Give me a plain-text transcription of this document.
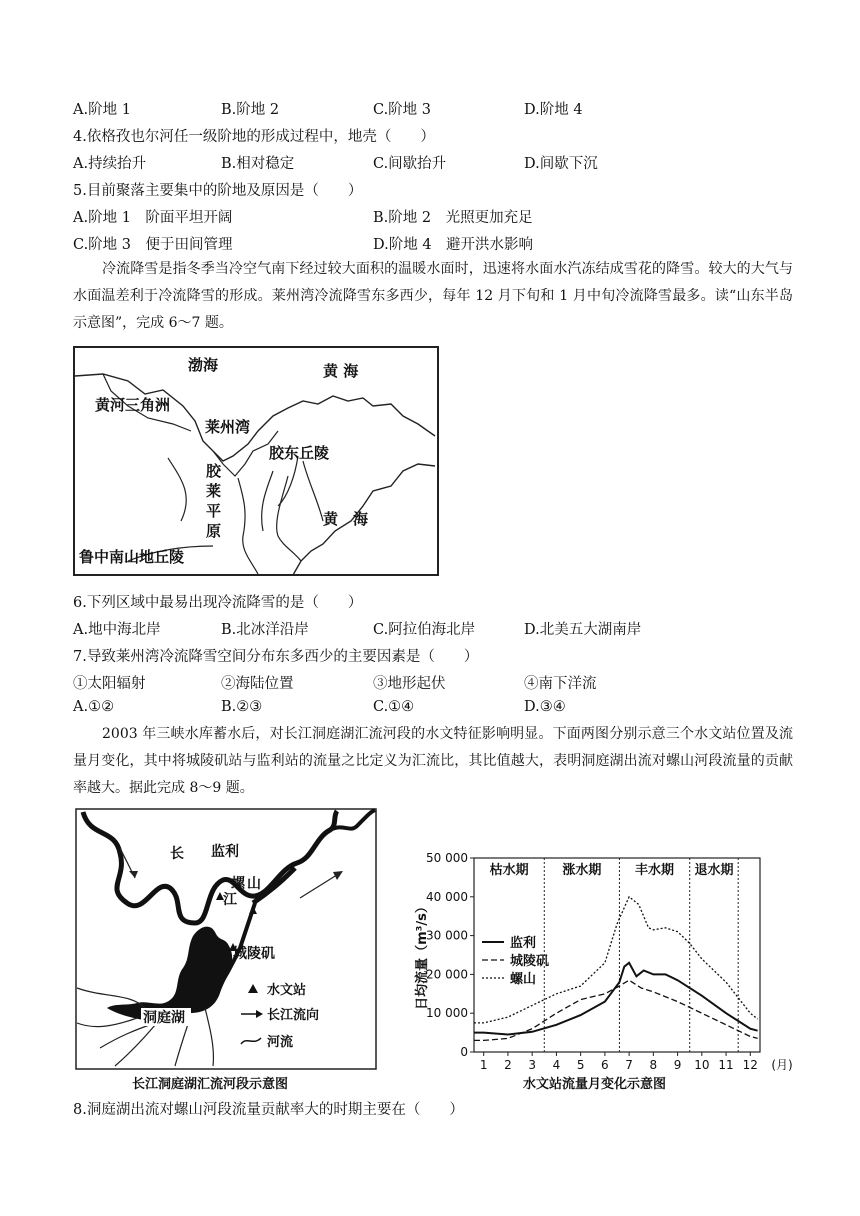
A.阶地 1	B.阶地 2	C.阶地 3	D.阶地 4
4.依格孜也尔河任一级阶地的形成过程中，地壳（　　）
A.持续抬升	B.相对稳定	C.间歇抬升	D.间歇下沉
5.目前聚落主要集中的阶地及原因是（　　）
A.阶地 1　阶面平坦开阔	B.阶地 2　光照更加充足
C.阶地 3　便于田间管理	D.阶地 4　避开洪水影响
冷流降雪是指冬季当冷空气南下经过较大面积的温暖水面时，迅速将水面水汽冻结成雪花的降雪。较大的大气与水面温差利于冷流降雪的形成。莱州湾冷流降雪东多西少，每年 12 月下旬和 1 月中旬冷流降雪最多。读“山东半岛示意图”，完成 6～7 题。
渤海	黄 海
黄河三角洲
莱州湾
胶东丘陵
胶
莱
平
原
黄　海
鲁中南山地丘陵
6.下列区域中最易出现冷流降雪的是（　　）
A.地中海北岸	B.北冰洋沿岸	C.阿拉伯海北岸	D.北美五大湖南岸
7.导致莱州湾冷流降雪空间分布东多西少的主要因素是（　　）
①太阳辐射	②海陆位置	③地形起伏	④南下洋流
A.①②	B.②③	C.①④	D.③④
2003 年三峡水库蓄水后，对长江洞庭湖汇流河段的水文特征影响明显。下面两图分别示意三个水文站位置及流量月变化，其中将城陵矶站与监利站的流量之比定义为汇流比，其比值越大，表明洞庭湖出流对螺山河段流量的贡献率越大。据此完成 8～9 题。
长 监利
螺 山
江
城陵矶
洞庭湖
水文站
长江流向
河流
长江洞庭湖汇流河段示意图
0
10 000
20 000
30 000
40 000
50 000
1 2 3 4 5 6 7 8 9 10 11 12 (月)
日均流量（m³/s）
枯水期	涨水期	丰水期 退水期
监利
城陵矶
螺山
水文站流量月变化示意图
8.洞庭湖出流对螺山河段流量贡献率大的时期主要在（　　）
